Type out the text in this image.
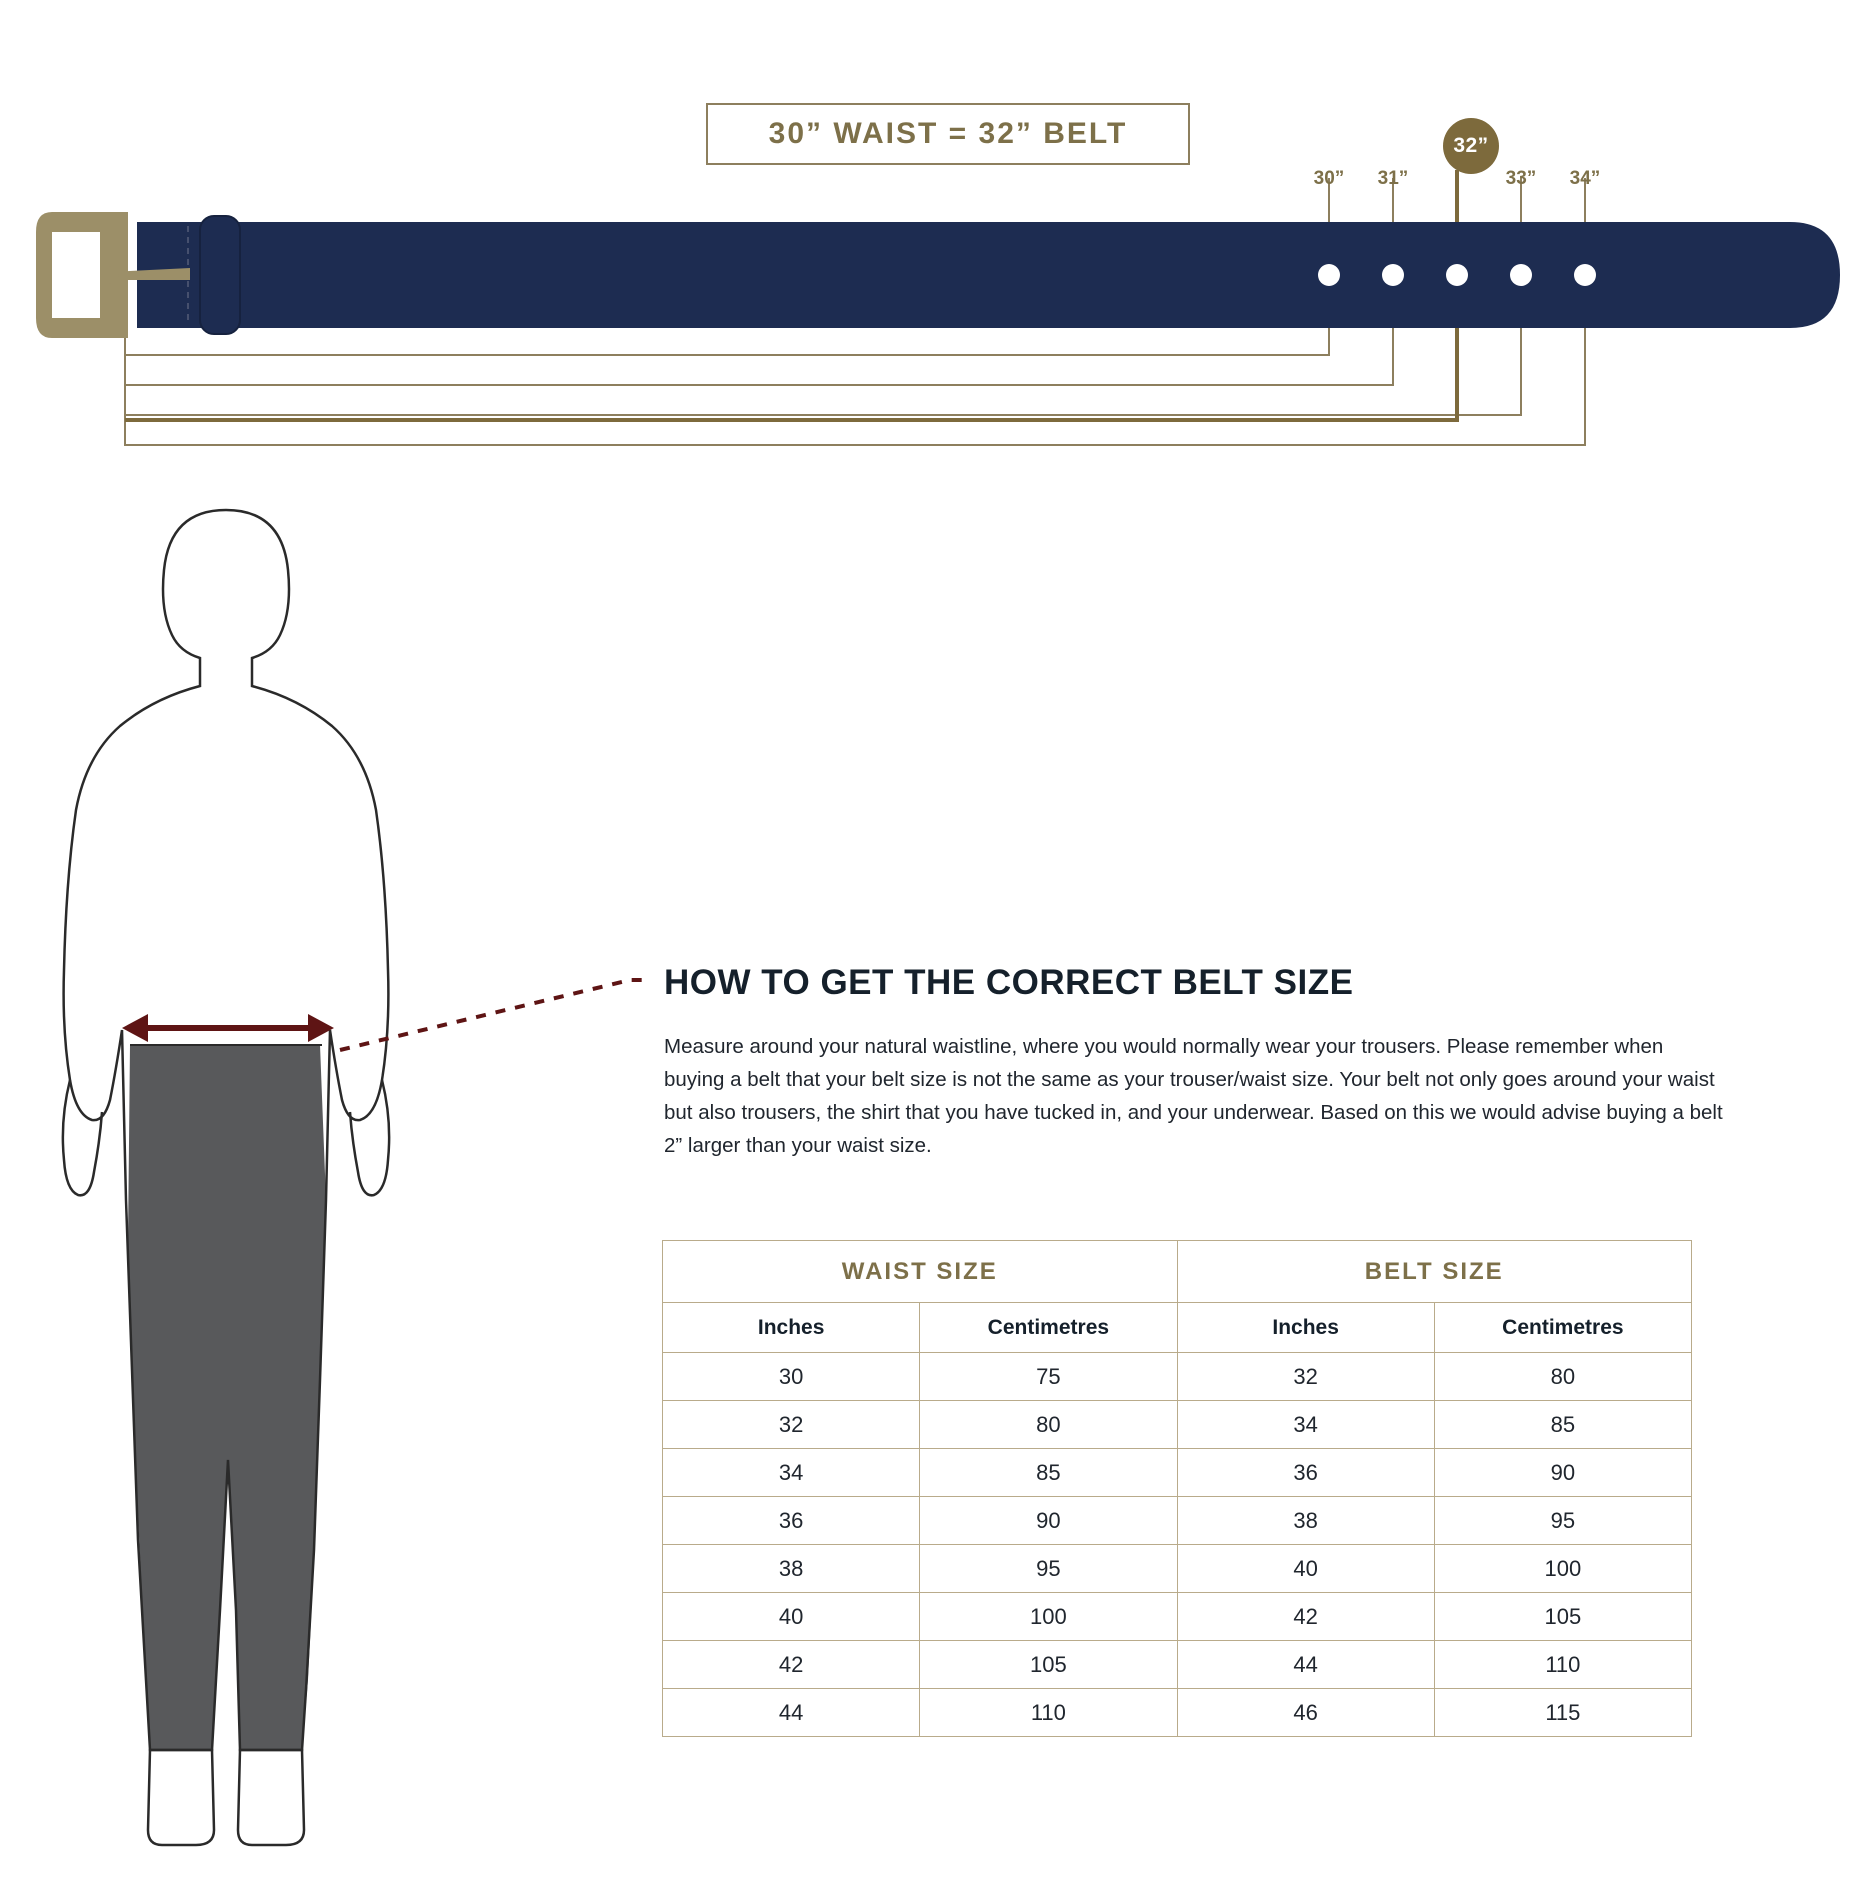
30”	31”	33”	34”
32”
30” WAIST = 32” BELT
HOW TO GET THE CORRECT BELT SIZE
Measure around your natural waistline, where you would normally wear your trousers. Please remember when buying a belt that your belt size is not the same as your trouser/waist size. Your belt not only goes around your waist but also trousers, the shirt that you have tucked in, and your underwear. Based on this we would advise buying a belt 2” larger than your waist size.
WAIST SIZE		BELT SIZE	
Inches	Centimetres	Inches	Centimetres
30	75	32	80
32	80	34	85
34	85	36	90
36	90	38	95
38	95	40	100
40	100	42	105
42	105	44	110
44	110	46	115
